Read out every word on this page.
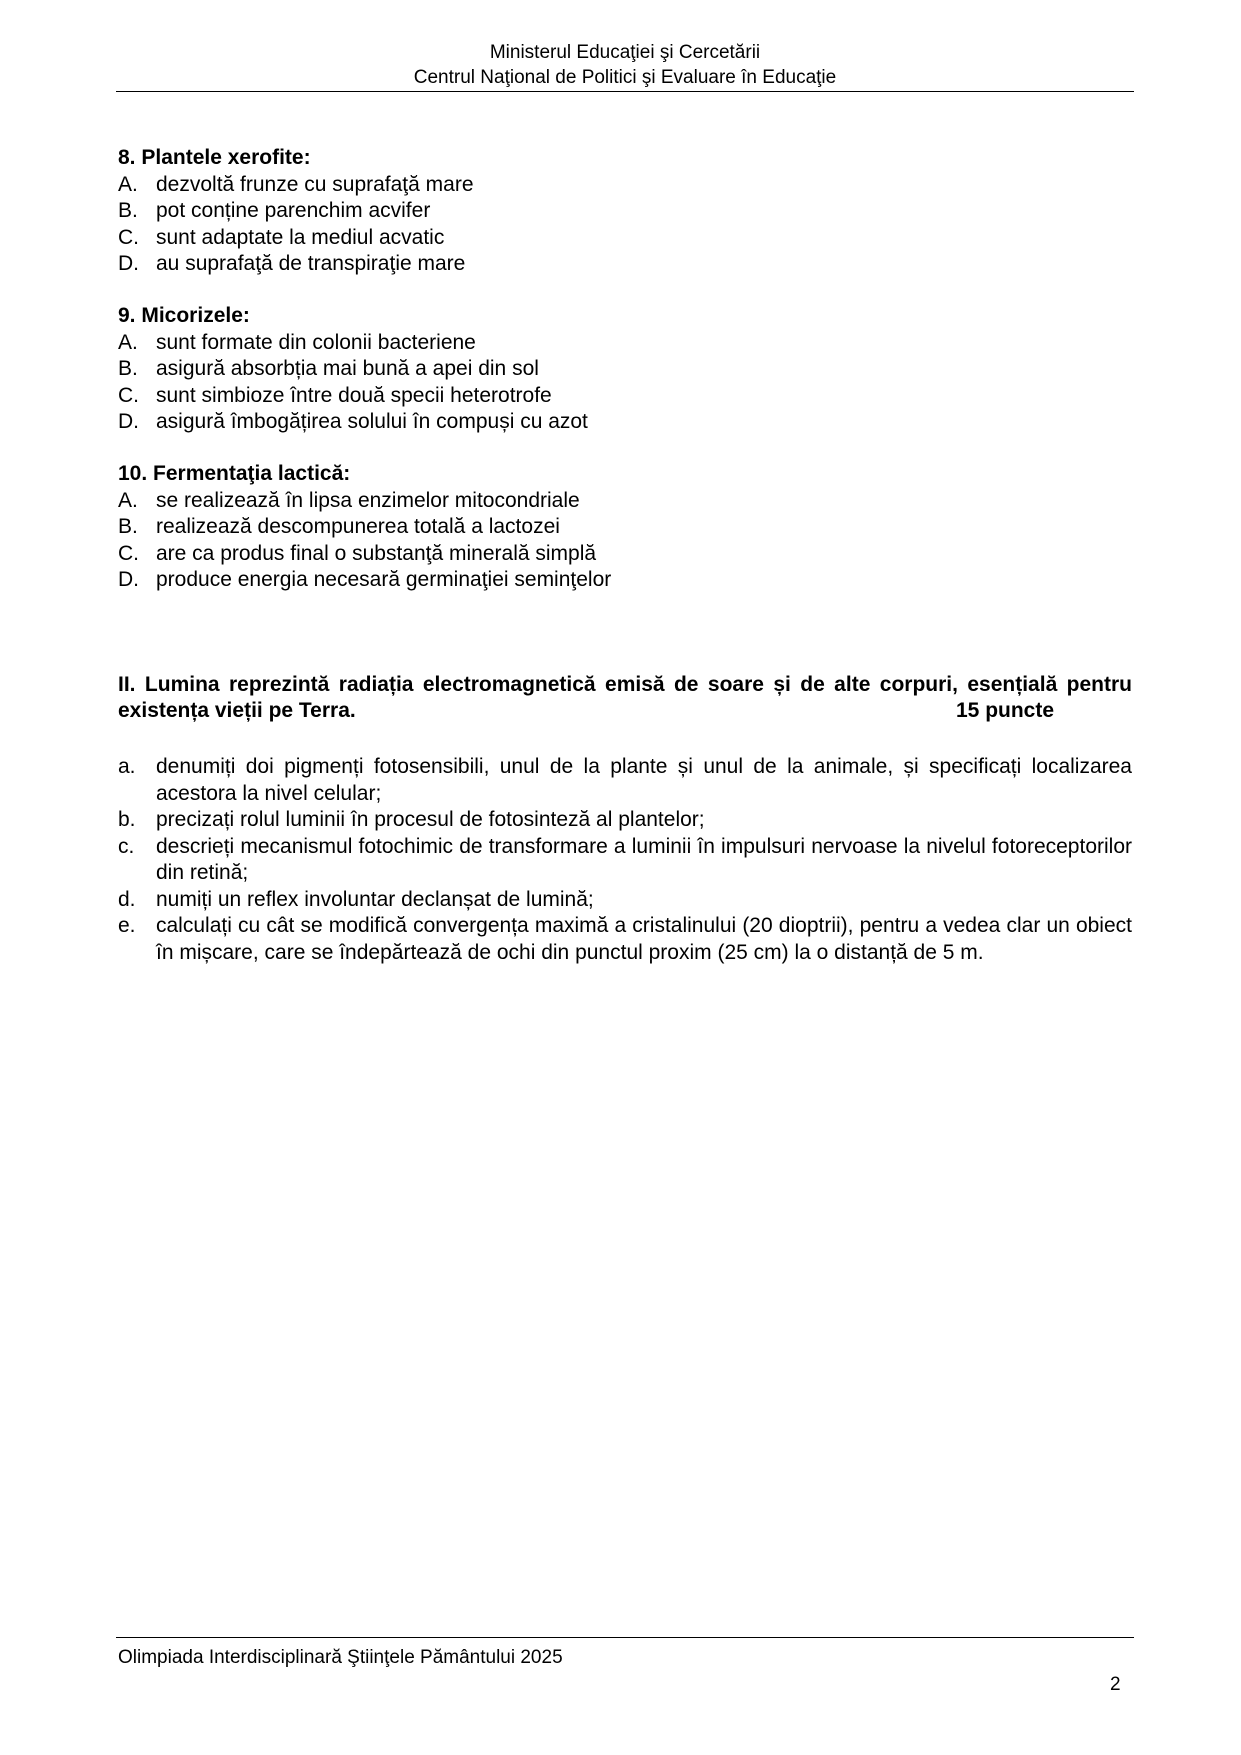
Ministerul Educaţiei şi Cercetării
Centrul Naţional de Politici şi Evaluare în Educaţie

8. Plantele xerofite:

A. dezvoltă frunze cu suprafaţă mare
B. pot conține parenchim acvifer
C. sunt adaptate la mediul acvatic
D. au suprafaţă de transpiraţie mare

9. Micorizele:

A. sunt formate din colonii bacteriene
B. asigură absorbția mai bună a apei din sol
C. sunt simbioze între două specii heterotrofe
D. asigură îmbogățirea solului în compuși cu azot

10. Fermentaţia lactică:

A. se realizează în lipsa enzimelor mitocondriale
B. realizează descompunerea totală a lactozei
C. are ca produs final o substanţă minerală simplă
D. produce energia necesară germinaţiei seminţelor
II. Lumina reprezintă radiația electromagnetică emisă de soare și de alte corpuri, esențială pentru existența vieții pe Terra.	15 puncte
a. denumiți doi pigmenți fotosensibili, unul de la plante și unul de la animale, și specificați localizarea acestora la nivel celular;
b. precizați rolul luminii în procesul de fotosinteză al plantelor;
c.	descrieți mecanismul fotochimic de transformare a luminii în impulsuri nervoase la nivelul fotoreceptorilor din retină;
d. numiți un reflex involuntar declanșat de lumină;
e. calculați cu cât se modifică convergența maximă a cristalinului (20 dioptrii), pentru a vedea clar un obiect în mișcare, care se îndepărtează de ochi din punctul proxim (25 cm) la o distanță de 5 m.
Olimpiada Interdisciplinară Ştiinţele Pământului 2025
2
